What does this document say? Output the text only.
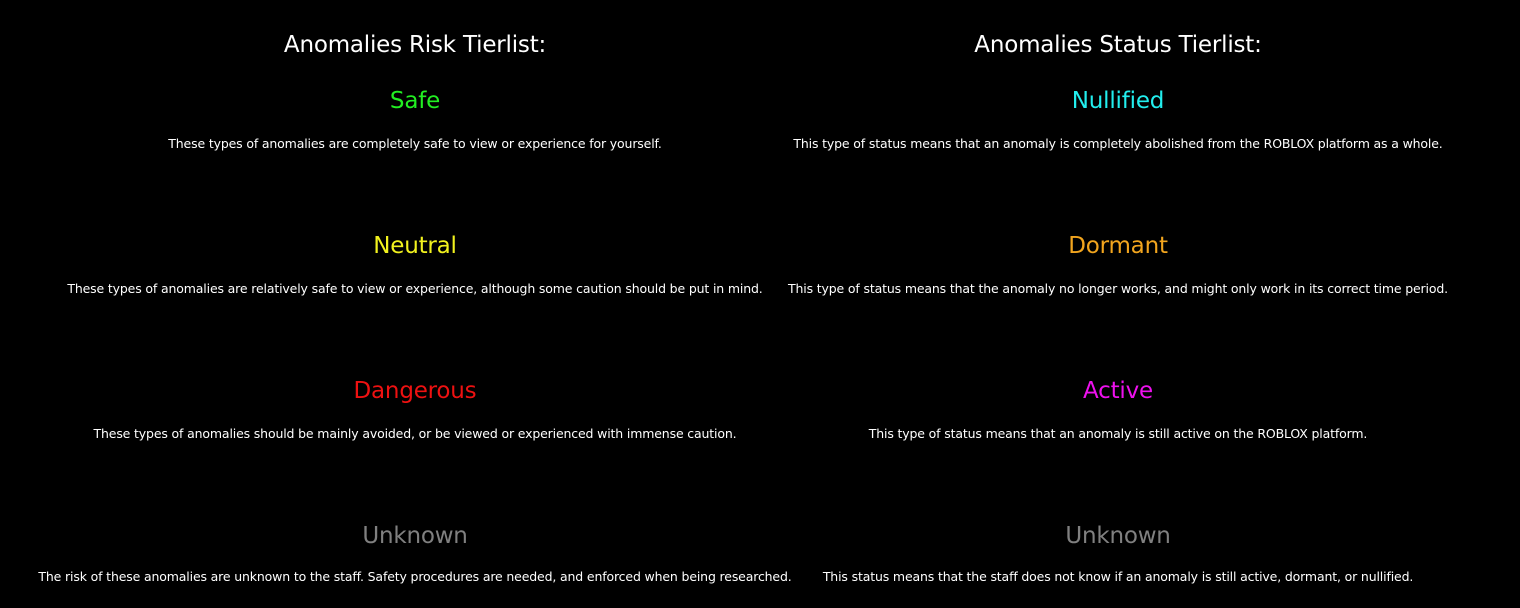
Anomalies Risk Tierlist:
Safe
These types of anomalies are completely safe to view or experience for yourself.
Neutral
These types of anomalies are relatively safe to view or experience, although some caution should be put in mind.
Dangerous
These types of anomalies should be mainly avoided, or be viewed or experienced with immense caution.
Unknown
The risk of these anomalies are unknown to the staff. Safety procedures are needed, and enforced when being researched.
Anomalies Status Tierlist:
Nullified
This type of status means that an anomaly is completely abolished from the ROBLOX platform as a whole.
Dormant
This type of status means that the anomaly no longer works, and might only work in its correct time period.
Active
This type of status means that an anomaly is still active on the ROBLOX platform.
Unknown
This status means that the staff does not know if an anomaly is still active, dormant, or nullified.
